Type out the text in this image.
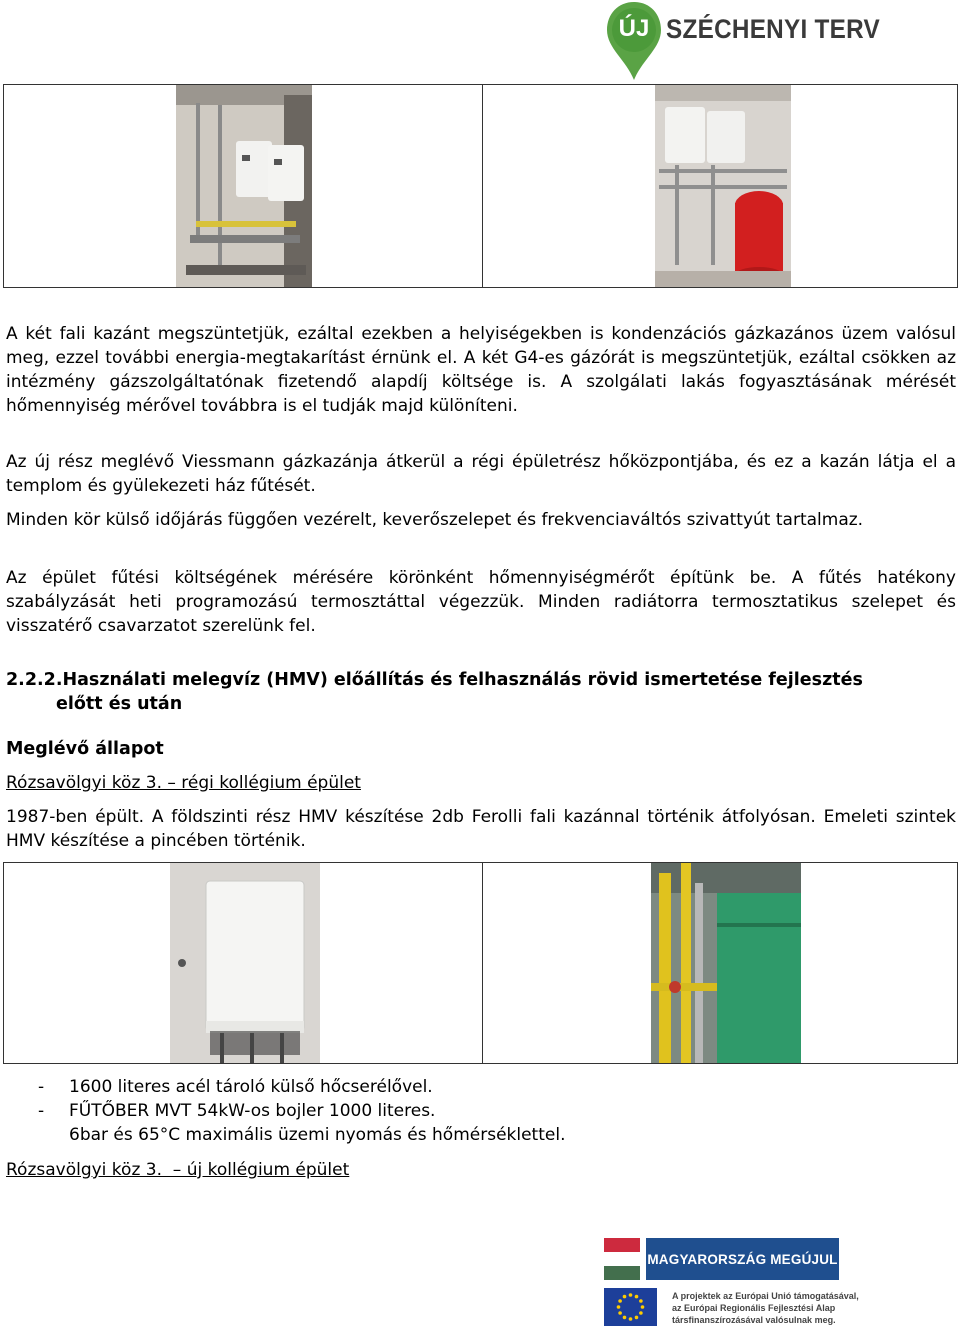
ÚJ SZÉCHENYI TERV
A két fali kazánt megszüntetjük, ezáltal ezekben a helyiségekben is kondenzációs gázkazános üzem valósul meg, ezzel további energia-megtakarítást érnünk el. A két G4-es gázórát is megszüntetjük, ezáltal csökken az intézmény gázszolgáltatónak fizetendő alapdíj költsége is. A szolgálati lakás fogyasztásának mérését hőmennyiség mérővel továbbra is el tudják majd különíteni.
Az új rész meglévő Viessmann gázkazánja átkerül a régi épületrész hőközpontjába, és ez a kazán látja el a templom és gyülekezeti ház fűtését.
Minden kör külső időjárás függően vezérelt, keverőszelepet és frekvenciaváltós szivattyút tartalmaz.
Az épület fűtési költségének mérésére körönként hőmennyiségmérőt építünk be. A fűtés hatékony szabályzását heti programozású termosztáttal végezzük. Minden radiátorra termosztatikus szelepet és visszatérő csavarzatot szerelünk fel.
2.2.2.Használati melegvíz (HMV) előállítás és felhasználás rövid ismertetése fejlesztés
előtt és után
Meglévő állapot
Rózsavölgyi köz 3. – régi kollégium épület
1987-ben épült. A földszinti rész HMV készítése 2db Ferolli fali kazánnal történik átfolyósan. Emeleti szintek HMV készítése a pincében történik.
-	1600 literes acél tároló külső hőcserélővel.
-	FŰTŐBER MVT 54kW-os bojler 1000 literes.
6bar és 65°C maximális üzemi nyomás és hőmérséklettel.
Rózsavölgyi köz 3.  – új kollégium épület
MAGYARORSZÁG MEGÚJUL
A projektek az Európai Unió támogatásával,
az Európai Regionális Fejlesztési Alap
társfinanszírozásával valósulnak meg.
